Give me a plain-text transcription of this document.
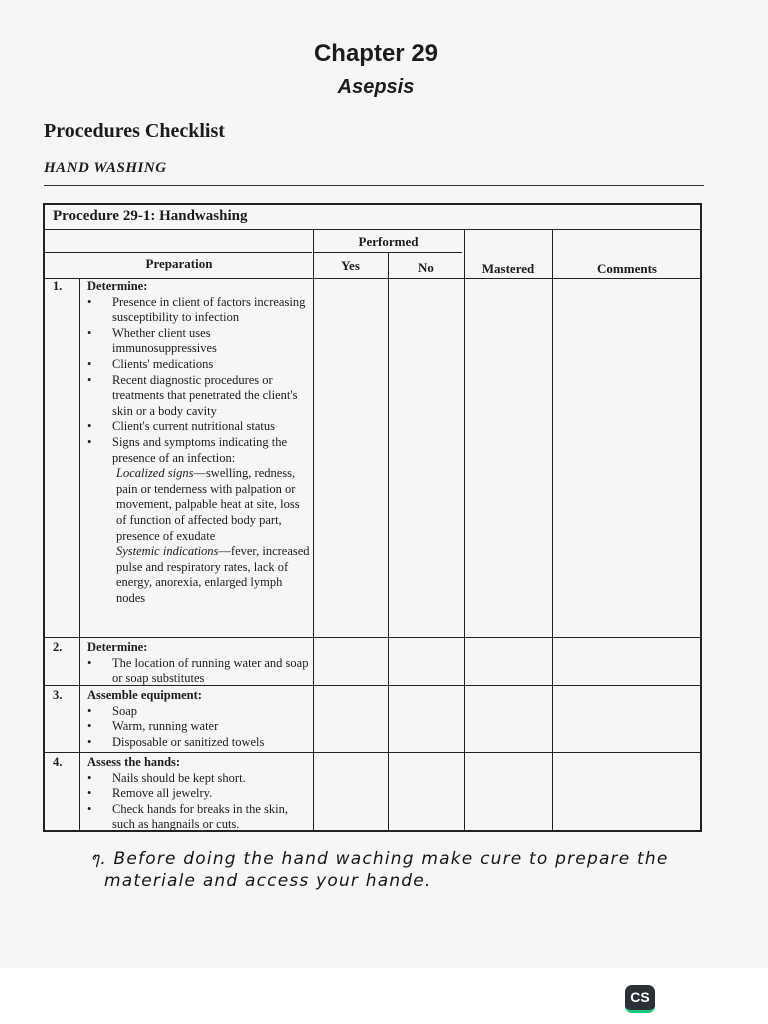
Chapter 29
Asepsis
Procedures Checklist
HAND WASHING
Procedure 29-1: Handwashing
Performed
Preparation	Yes	No	Mastered	Comments
1.	Determine:
• Presence in client of factors increasing susceptibility to infection
• Whether client uses immunosuppressives
• Clients' medications
• Recent diagnostic procedures or treatments that penetrated the client's skin or a body cavity
• Client's current nutritional status
• Signs and symptoms indicating the presence of an infection:
Localized signs—swelling, redness, pain or tenderness with palpation or movement, palpable heat at site, loss of function of affected body part, presence of exudate
Systemic indications—fever, increased pulse and respiratory rates, lack of energy, anorexia, enlarged lymph nodes
2.	Determine:
• The location of running water and soap or soap substitutes
3.	Assemble equipment:
• Soap
• Warm, running water
• Disposable or sanitized towels
4.	Assess the hands:
• Nails should be kept short.
• Remove all jewelry.
• Check hands for breaks in the skin, such as hangnails or cuts.
ๆ. Before doing the hand waching make cure to prepare the
materiale and access your hande.
CS
